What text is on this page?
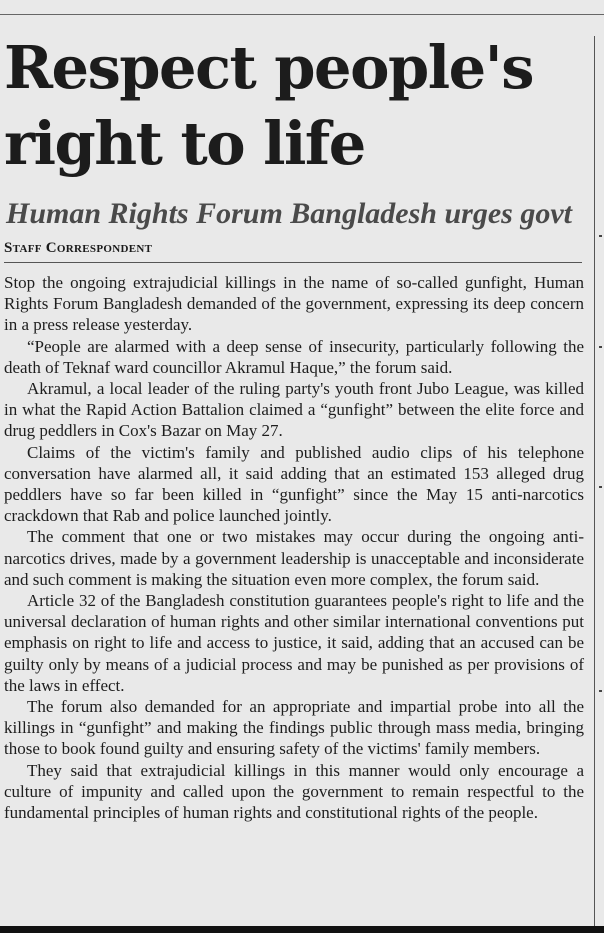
Respect people's right to life
Human Rights Forum Bangladesh urges govt
Staff Correspondent

Stop the ongoing extrajudicial killings in the name of so-called gunfight, Human Rights Forum Bangladesh demanded of the government, expressing its deep concern in a press release yesterday.

“People are alarmed with a deep sense of insecurity, particularly following the death of Teknaf ward councillor Akramul Haque,” the forum said.

Akramul, a local leader of the ruling party's youth front Jubo League, was killed in what the Rapid Action Battalion claimed a “gunfight” between the elite force and drug peddlers in Cox's Bazar on May 27.

Claims of the victim's family and published audio clips of his telephone conversation have alarmed all, it said adding that an estimated 153 alleged drug peddlers have so far been killed in “gunfight” since the May 15 anti-narcotics crackdown that Rab and police launched jointly.

The comment that one or two mistakes may occur during the ongoing anti-narcotics drives, made by a government leadership is unacceptable and inconsiderate and such comment is making the situation even more complex, the forum said.

Article 32 of the Bangladesh constitution guarantees people's right to life and the universal declaration of human rights and other similar international conventions put emphasis on right to life and access to justice, it said, adding that an accused can be guilty only by means of a judicial process and may be punished as per provisions of the laws in effect.

The forum also demanded for an appropriate and impartial probe into all the killings in “gunfight” and making the findings public through mass media, bringing those to book found guilty and ensuring safety of the victims' family members.

They said that extrajudicial killings in this manner would only encourage a culture of impunity and called upon the government to remain respectful to the fundamental principles of human rights and constitutional rights of the people.
